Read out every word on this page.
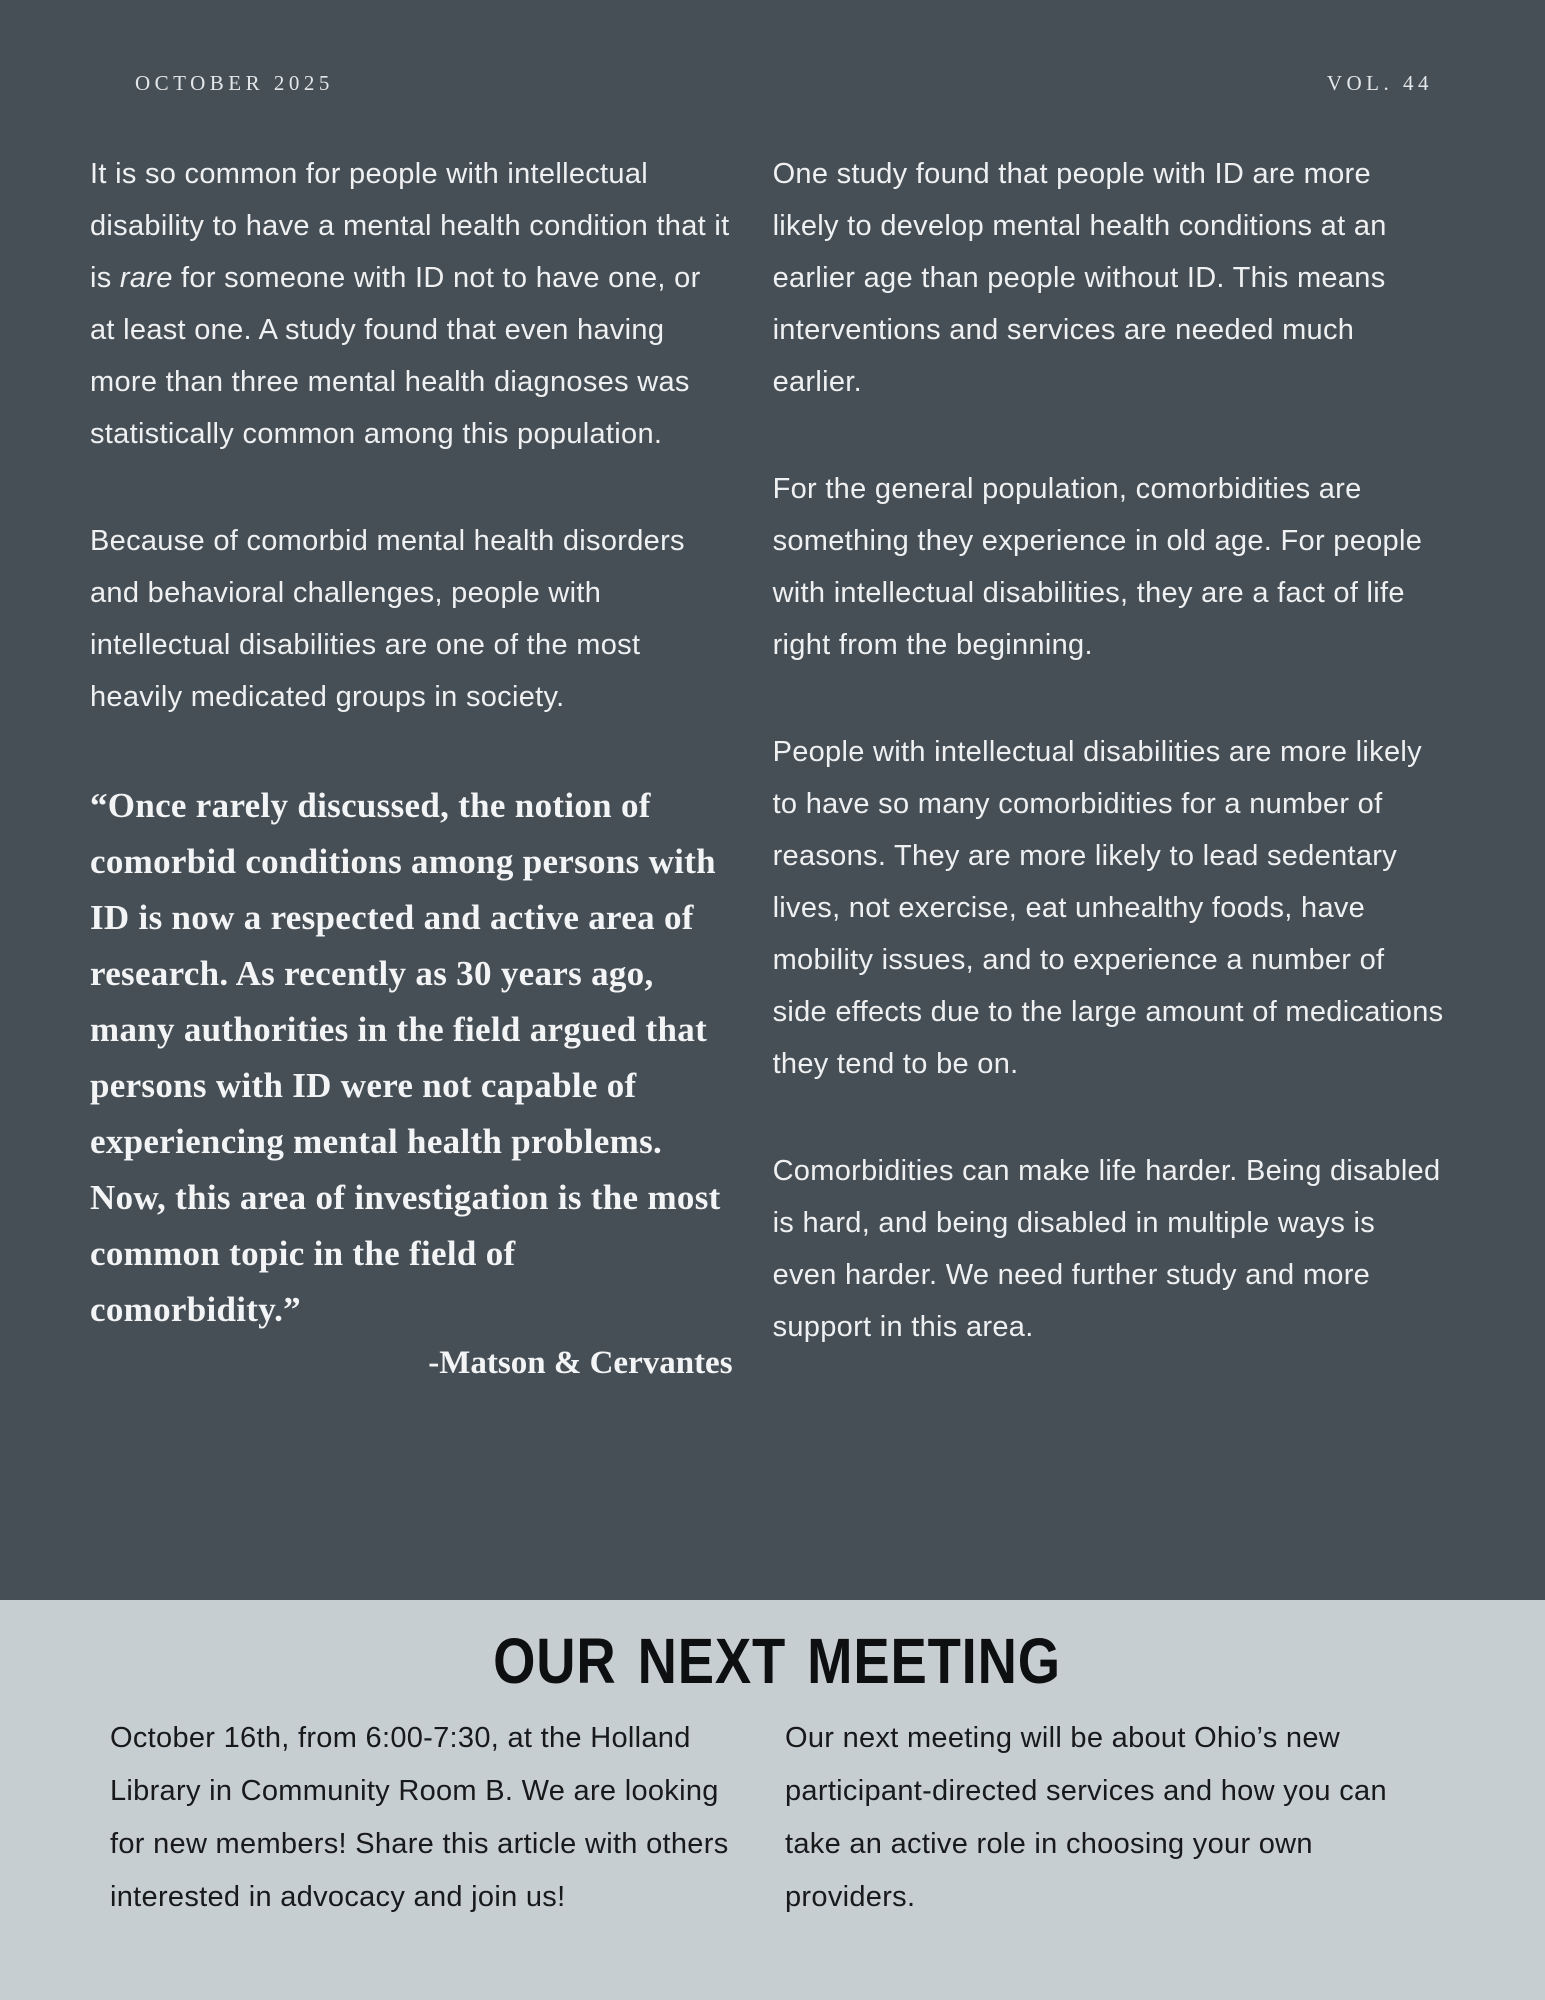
OCTOBER 2025	VOL. 44

It is so common for people with intellectual disability to have a mental health condition that it is rare for someone with ID not to have one, or at least one. A study found that even having more than three mental health diagnoses was statistically common among this population.

Because of comorbid mental health disorders and behavioral challenges, people with intellectual disabilities are one of the most heavily medicated groups in society.

“Once rarely discussed, the notion of comorbid conditions among persons with ID is now a respected and active area of research. As recently as 30 years ago, many authorities in the field argued that persons with ID were not capable of experiencing mental health problems. Now, this area of investigation is the most common topic in the field of comorbidity.”

-Matson & Cervantes

One study found that people with ID are more likely to develop mental health conditions at an earlier age than people without ID. This means interventions and services are needed much earlier.

For the general population, comorbidities are something they experience in old age. For people with intellectual disabilities, they are a fact of life right from the beginning.

People with intellectual disabilities are more likely to have so many comorbidities for a number of reasons. They are more likely to lead sedentary lives, not exercise, eat unhealthy foods, have mobility issues, and to experience a number of side effects due to the large amount of medications they tend to be on.

Comorbidities can make life harder. Being disabled is hard, and being disabled in multiple ways is even harder. We need further study and more support in this area.

OUR NEXT MEETING

October 16th, from 6:00-7:30, at the Holland Library in Community Room B. We are looking for new members! Share this article with others interested in advocacy and join us!

Our next meeting will be about Ohio’s new participant-directed services and how you can take an active role in choosing your own providers.
